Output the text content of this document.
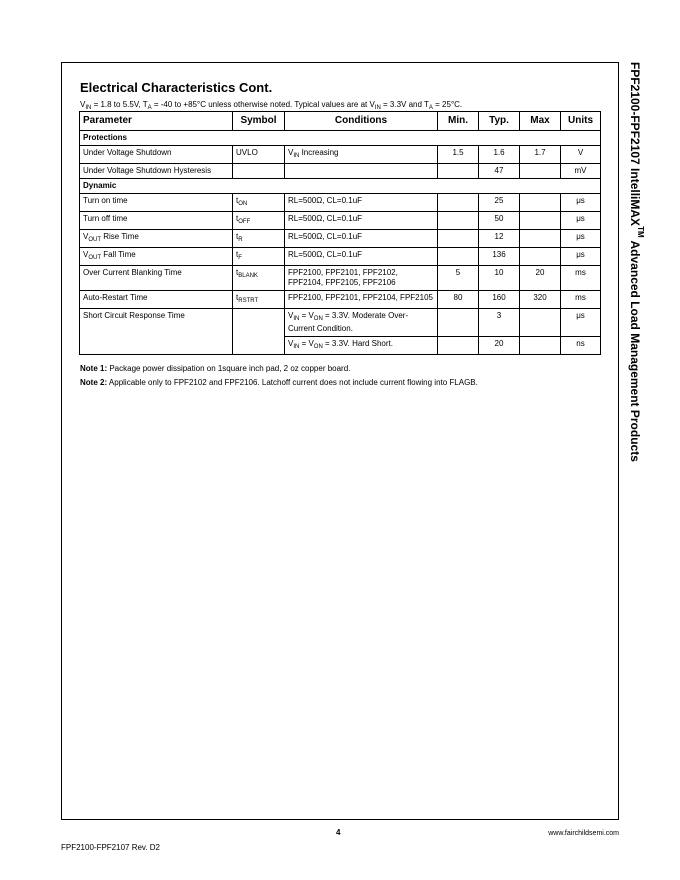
Electrical Characteristics Cont.
$V_{IN} = 1.8$ to 5.5V, $T_A = -40$ to +85°C unless otherwise noted. Typical values are at $V_{IN} = 3.3V$ and $T_A = 25^\circ C$.
Parameter	Symbol	Conditions	Min.	Typ.	Max	Units
Protections						
Under Voltage Shutdown	UVLO	$V_{IN}$ Increasing	1.5	1.6	1.7	V
Under Voltage Shutdown Hysteresis				47		mV
Dynamic						
Turn on time	$t_{ON}$	RL=500Ω, CL=0.1uF		25		μs
Turn off time	$t_{OFF}$	RL=500Ω, CL=0.1uF		50		μs
$V_{OUT}$ Rise Time	$t_R$	RL=500Ω, CL=0.1uF		12		μs
$V_{OUT}$ Fall Time	$t_F$	RL=500Ω, CL=0.1uF		136		μs
Over Current Blanking Time	$t_{BLANK}$	FPF2100, FPF2101, FPF2102, FPF2104, FPF2105, FPF2106	5	10	20	ms
Auto-Restart Time	$t_{RSTRT}$	FPF2100, FPF2101, FPF2104, FPF2105	80	160	320	ms
Short Circuit Response Time		$V_{IN} = V_{ON} = 3.3V$. Moderate Over-Current Condition.		3		μs
		$V_{IN} = V_{ON} = 3.3V$. Hard Short.		20		ns
Note 1: Package power dissipation on 1square inch pad, 2 oz copper board.
Note 2: Applicable only to FPF2102 and FPF2106. Latchoff current does not include current flowing into FLAGB.
FPF2100-FPF2107 IntelliMAX™ Advanced Load Management Products
4	www.fairchildsemi.com
FPF2100-FPF2107 Rev. D2
